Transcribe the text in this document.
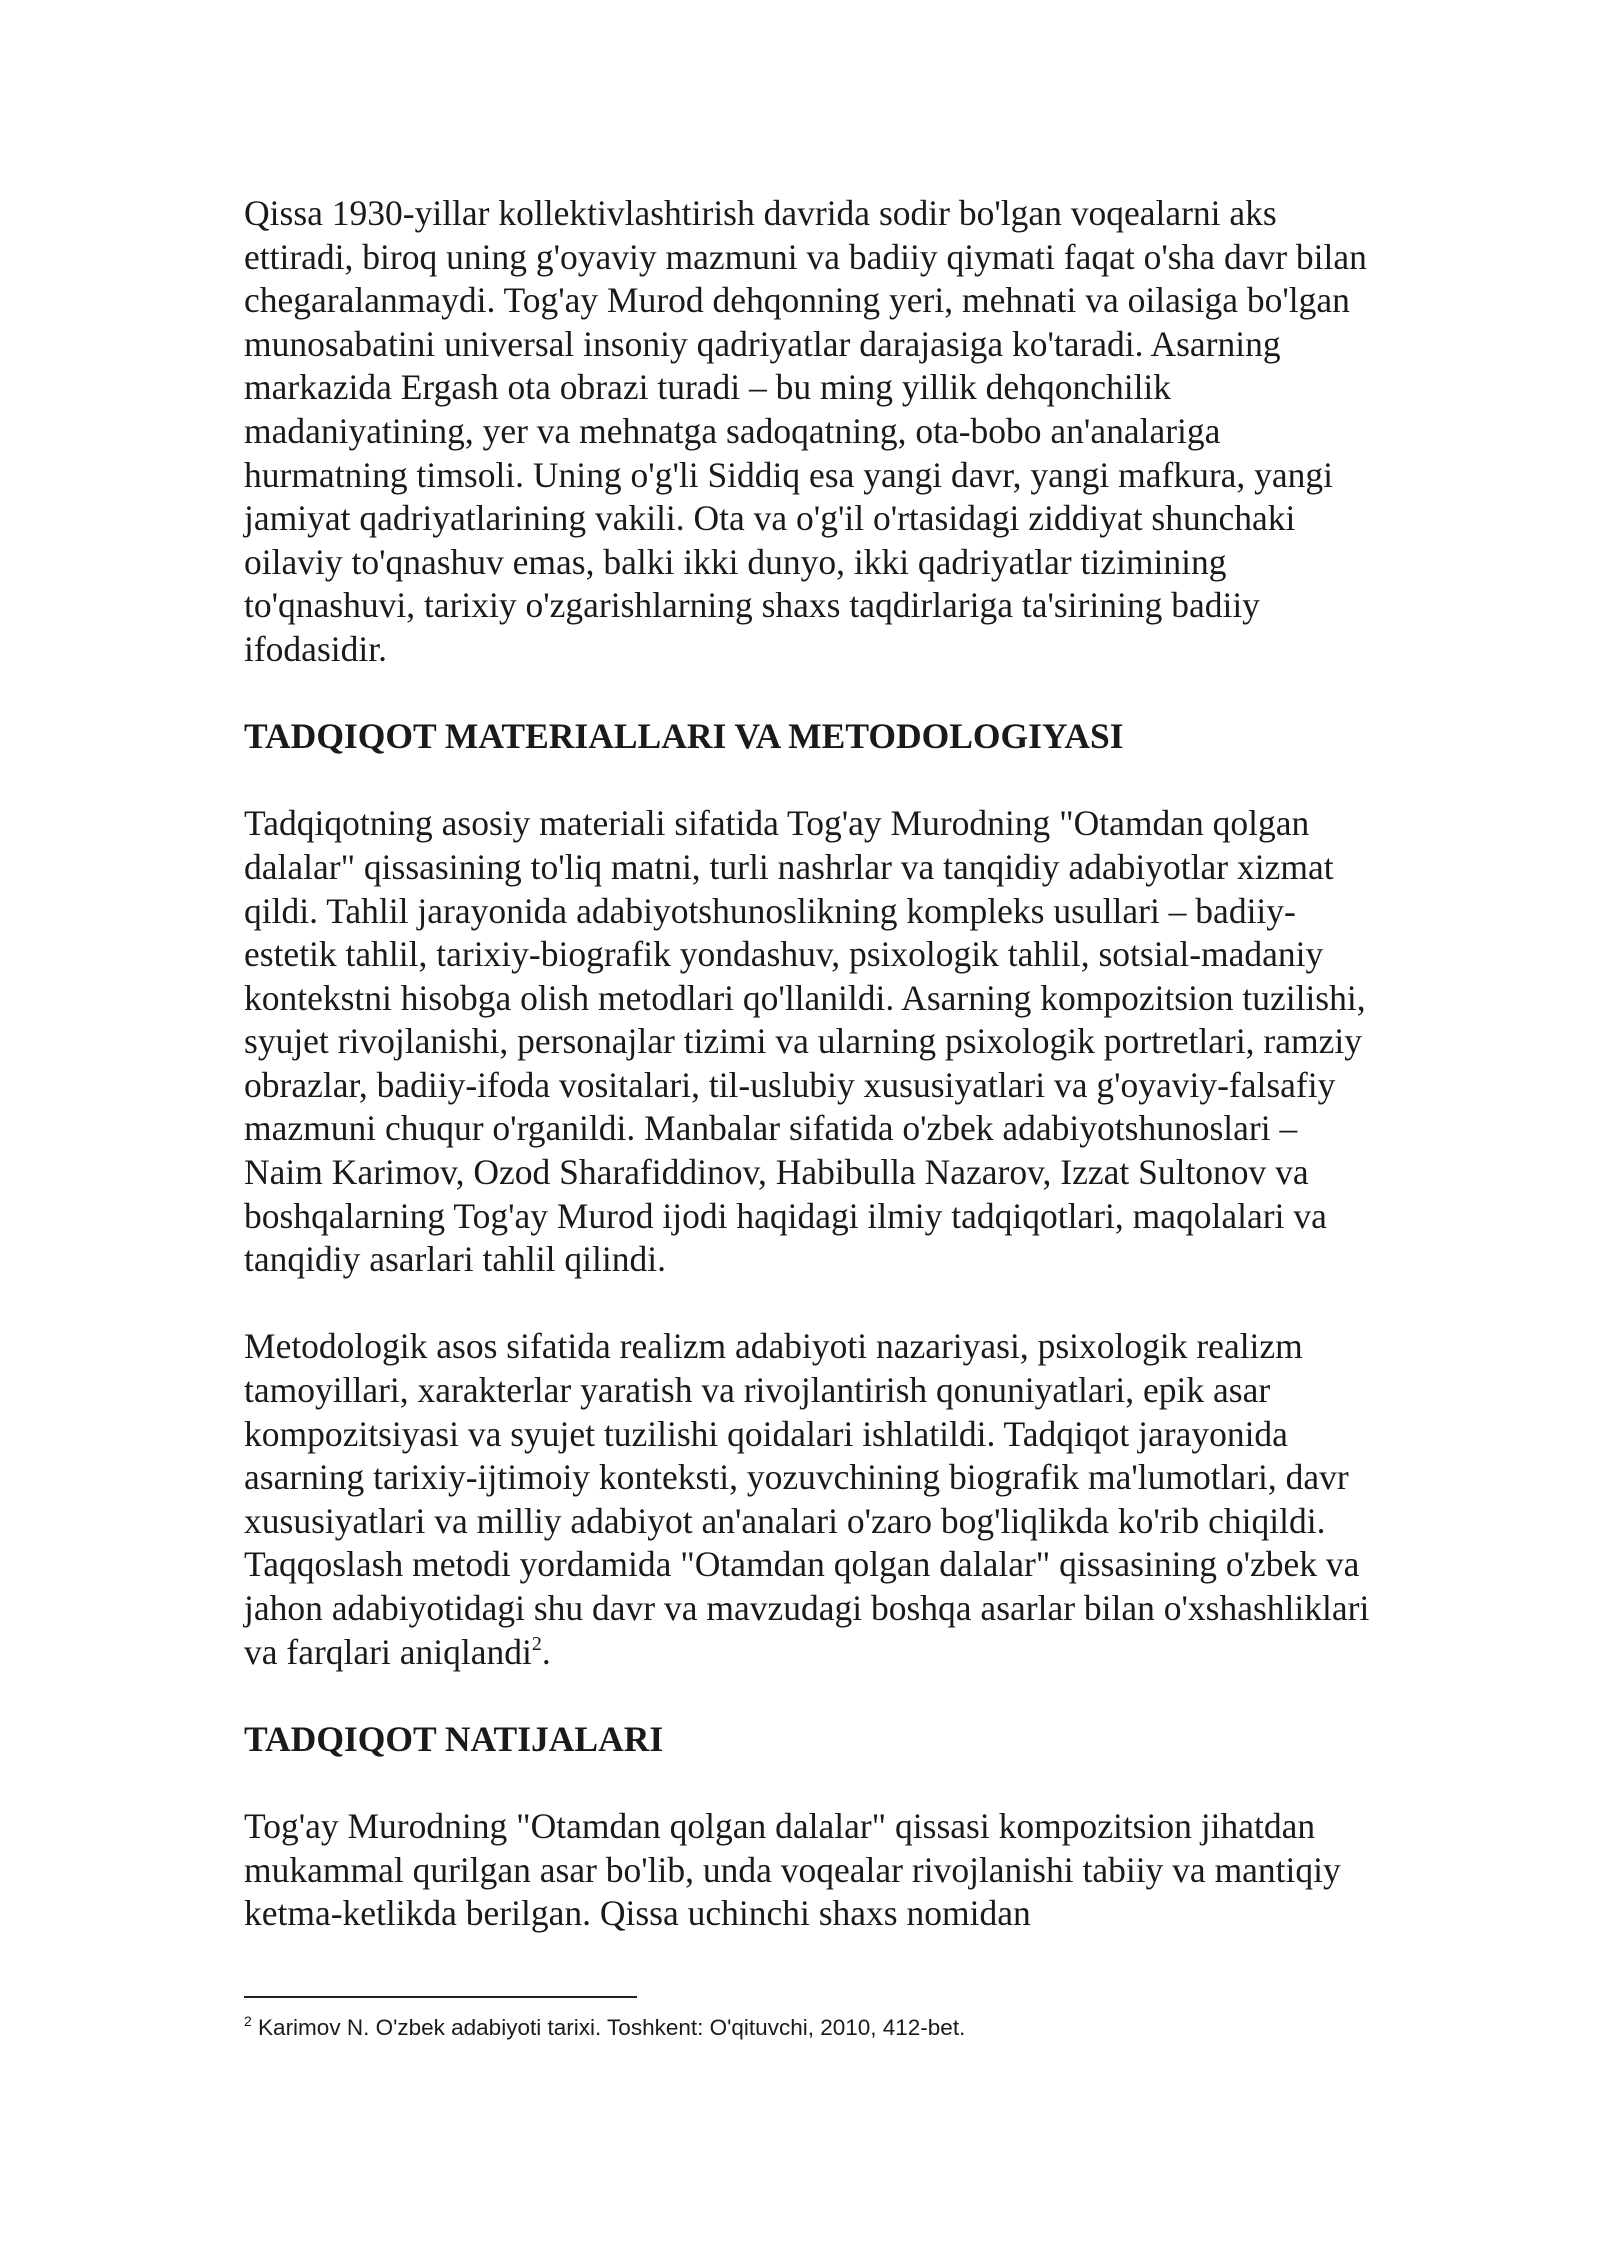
Qissa 1930-yillar kollektivlashtirish davrida sodir bo'lgan voqealarni aks ettiradi, biroq uning g'oyaviy mazmuni va badiiy qiymati faqat o'sha davr bilan chegaralanmaydi. Tog'ay Murod dehqonning yeri, mehnati va oilasiga bo'lgan munosabatini universal insoniy qadriyatlar darajasiga ko'taradi. Asarning markazida Ergash ota obrazi turadi – bu ming yillik dehqonchilik madaniyatining, yer va mehnatga sadoqatning, ota-bobo an'analariga hurmatning timsoli. Uning o'g'li Siddiq esa yangi davr, yangi mafkura, yangi jamiyat qadriyatlarining vakili. Ota va o'g'il o'rtasidagi ziddiyat shunchaki oilaviy to'qnashuv emas, balki ikki dunyo, ikki qadriyatlar tizimining to'qnashuvi, tarixiy o'zgarishlarning shaxs taqdirlariga ta'sirining badiiy ifodasidir.

TADQIQOT MATERIALLARI VA METODOLOGIYASI

Tadqiqotning asosiy materiali sifatida Tog'ay Murodning "Otamdan qolgan dalalar" qissasining to'liq matni, turli nashrlar va tanqidiy adabiyotlar xizmat qildi. Tahlil jarayonida adabiyotshunoslikning kompleks usullari – badiiy-estetik tahlil, tarixiy-biografik yondashuv, psixologik tahlil, sotsial-madaniy kontekstni hisobga olish metodlari qo'llanildi. Asarning kompozitsion tuzilishi, syujet rivojlanishi, personajlar tizimi va ularning psixologik portretlari, ramziy obrazlar, badiiy-ifoda vositalari, til-uslubiy xususiyatlari va g'oyaviy-falsafiy mazmuni chuqur o'rganildi. Manbalar sifatida o'zbek adabiyotshunoslari – Naim Karimov, Ozod Sharafiddinov, Habibulla Nazarov, Izzat Sultonov va boshqalarning Tog'ay Murod ijodi haqidagi ilmiy tadqiqotlari, maqolalari va tanqidiy asarlari tahlil qilindi.

Metodologik asos sifatida realizm adabiyoti nazariyasi, psixologik realizm tamoyillari, xarakterlar yaratish va rivojlantirish qonuniyatlari, epik asar kompozitsiyasi va syujet tuzilishi qoidalari ishlatildi. Tadqiqot jarayonida asarning tarixiy-ijtimoiy konteksti, yozuvchining biografik ma'lumotlari, davr xususiyatlari va milliy adabiyot an'analari o'zaro bog'liqlikda ko'rib chiqildi. Taqqoslash metodi yordamida "Otamdan qolgan dalalar" qissasining o'zbek va jahon adabiyotidagi shu davr va mavzudagi boshqa asarlar bilan o'xshashliklari va farqlari aniqlandi$^2$.

TADQIQOT NATIJALARI

Tog'ay Murodning "Otamdan qolgan dalalar" qissasi kompozitsion jihatdan mukammal qurilgan asar bo'lib, unda voqealar rivojlanishi tabiiy va mantiqiy ketma-ketlikda berilgan. Qissa uchinchi shaxs nomidan

$^2$ Karimov N. O'zbek adabiyoti tarixi. Toshkent: O'qituvchi, 2010, 412-bet.
